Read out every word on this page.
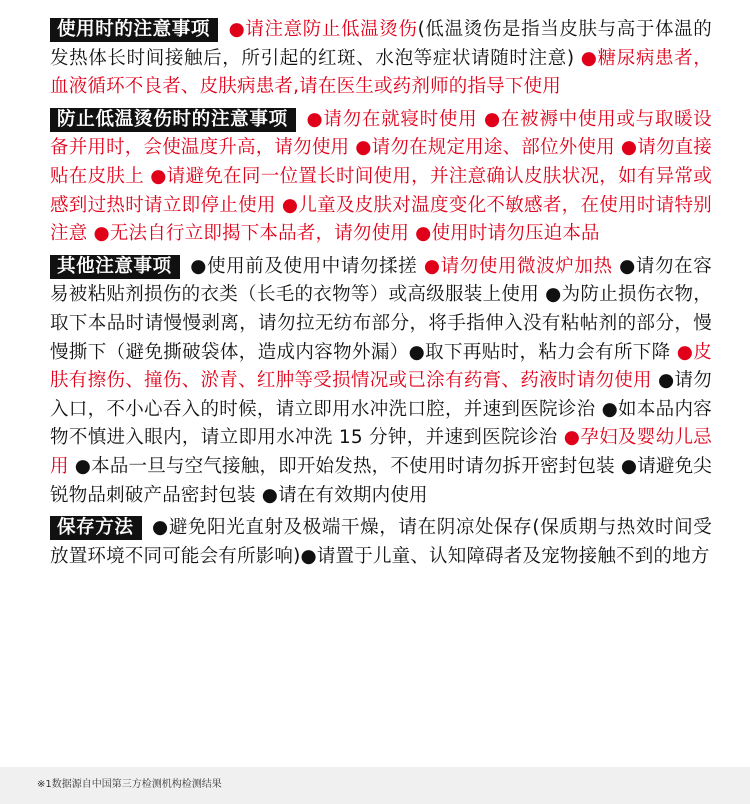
使用时的注意事项 ●请注意防止低温烫伤(低温烫伤是指当皮肤与高于体温的发热体长时间接触后，所引起的红斑、水泡等症状请随时注意) ●糖尿病患者，血液循环不良者、皮肤病患者,请在医生或药剂师的指导下使用

防止低温烫伤时的注意事项 ●请勿在就寝时使用 ●在被褥中使用或与取暖设备并用时，会使温度升高，请勿使用 ●请勿在规定用途、部位外使用 ●请勿直接贴在皮肤上 ●请避免在同一位置长时间使用，并注意确认皮肤状况，如有异常或感到过热时请立即停止使用 ●儿童及皮肤对温度变化不敏感者，在使用时请特别注意 ●无法自行立即揭下本品者，请勿使用 ●使用时请勿压迫本品

其他注意事项 ●使用前及使用中请勿揉搓 ●请勿使用微波炉加热 ●请勿在容易被粘贴剂损伤的衣类（长毛的衣物等）或高级服装上使用 ●为防止损伤衣物，取下本品时请慢慢剥离，请勿拉无纺布部分，将手指伸入没有粘帖剂的部分，慢慢撕下（避免撕破袋体，造成内容物外漏）●取下再贴时，粘力会有所下降 ●皮肤有擦伤、撞伤、淤青、红肿等受损情况或已涂有药膏、药液时请勿使用 ●请勿入口，不小心吞入的时候，请立即用水冲洗口腔，并速到医院诊治 ●如本品内容物不慎进入眼内，请立即用水冲洗 15 分钟，并速到医院诊治 ●孕妇及婴幼儿忌用 ●本品一旦与空气接触，即开始发热，不使用时请勿拆开密封包装 ●请避免尖锐物品刺破产品密封包装 ●请在有效期内使用

保存方法 ●避免阳光直射及极端干燥，请在阴凉处保存(保质期与热效时间受放置环境不同可能会有所影响)●请置于儿童、认知障碍者及宠物接触不到的地方

※1数据源自中国第三方检测机构检测结果
